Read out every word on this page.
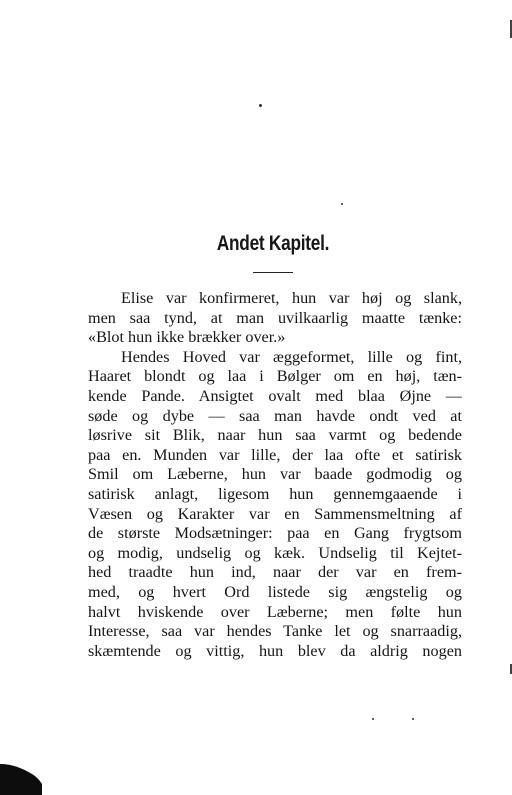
Andet Kapitel.
Elise var konfirmeret, hun var høj og slank,
men saa tynd, at man uvilkaarlig maatte tænke:
«Blot hun ikke brækker over.»
Hendes Hoved var æggeformet, lille og fint,
Haaret blondt og laa i Bølger om en høj, tæn-
kende Pande. Ansigtet ovalt med blaa Øjne —
søde og dybe — saa man havde ondt ved at
løsrive sit Blik, naar hun saa varmt og bedende
paa en. Munden var lille, der laa ofte et satirisk
Smil om Læberne, hun var baade godmodig og
satirisk anlagt, ligesom hun gennemgaaende i
Væsen og Karakter var en Sammensmeltning af
de største Modsætninger: paa en Gang frygtsom
og modig, undselig og kæk. Undselig til Kejtet-
hed traadte hun ind, naar der var en frem-
med, og hvert Ord listede sig ængstelig og
halvt hviskende over Læberne; men følte hun
Interesse, saa var hendes Tanke let og snarraadig,
skæmtende og vittig, hun blev da aldrig nogen
